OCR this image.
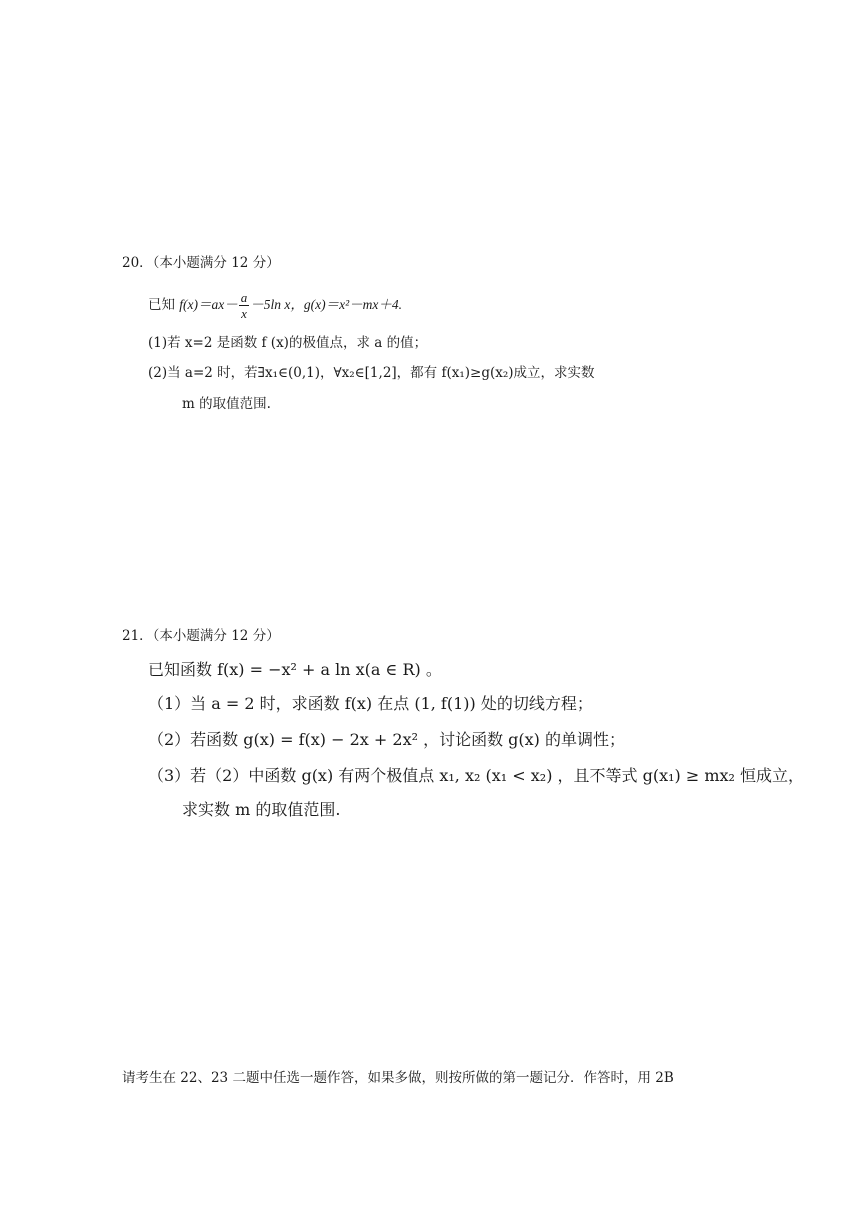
20．（本小题满分 12 分）
已知 $f(x)=ax- \frac{a}{x} -5\ln$ x，g(x)＝x²－mx＋4.
(1)若 x=2 是函数 f (x)的极值点，求 a 的值；
(2)当 a=2 时，若∃x₁∈(0,1)，∀x₂∈[1,2]，都有 f(x₁)≥g(x₂)成立，求实数
m 的取值范围.
21．（本小题满分 12 分）
已知函数 f(x) = −x² + a ln x(a ∈ R) 。
（1）当 a = 2 时，求函数 f(x) 在点 (1, f(1)) 处的切线方程；
（2）若函数 g(x) = f(x) − 2x + 2x² ，讨论函数 g(x) 的单调性；
（3）若（2）中函数 g(x) 有两个极值点 x₁, x₂ (x₁ < x₂) ，且不等式 g(x₁) ≥ mx₂ 恒成立，
求实数 m 的取值范围.
请考生在 22、23 二题中任选一题作答，如果多做，则按所做的第一题记分．作答时，用 2B
